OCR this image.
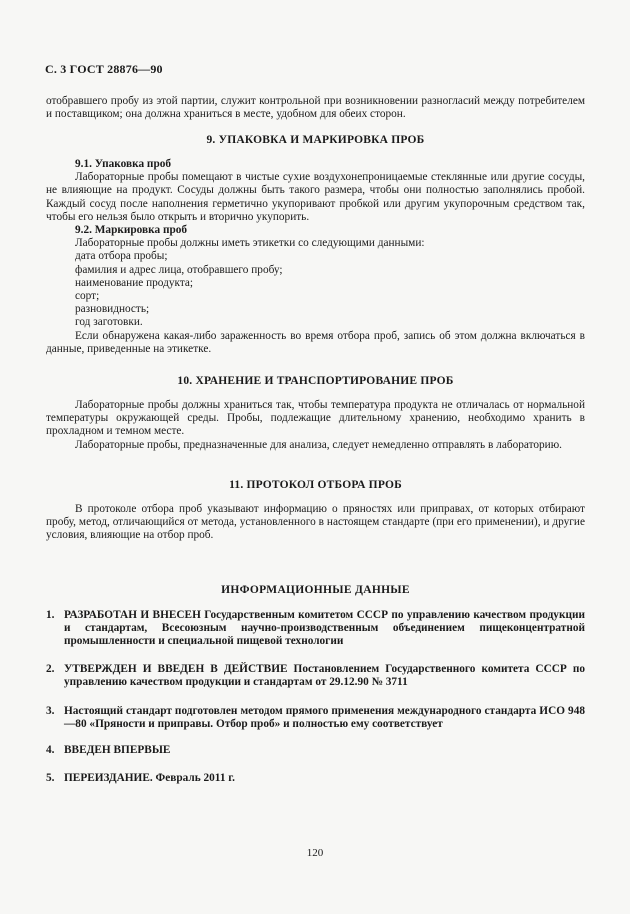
С. 3 ГОСТ 28876—90

отобравшего пробу из этой партии, служит контрольной при возникновении разногласий между потребителем и поставщиком; она должна храниться в месте, удобном для обеих сторон.

9. УПАКОВКА И МАРКИРОВКА ПРОБ
9.1. Упаковка проб

Лабораторные пробы помещают в чистые сухие воздухонепроницаемые стеклянные или другие сосуды, не влияющие на продукт. Сосуды должны быть такого размера, чтобы они полностью заполнялись пробой. Каждый сосуд после наполнения герметично укупоривают пробкой или другим укупорочным средством так, чтобы его нельзя было открыть и вторично укупорить.

9.2. Маркировка проб

Лабораторные пробы должны иметь этикетки со следующими данными:

дата отбора пробы;
фамилия и адрес лица, отобравшего пробу;
наименование продукта;
сорт;
разновидность;
год заготовки.

Если обнаружена какая-либо зараженность во время отбора проб, запись об этом должна включаться в данные, приведенные на этикетке.

10. ХРАНЕНИЕ И ТРАНСПОРТИРОВАНИЕ ПРОБ

Лабораторные пробы должны храниться так, чтобы температура продукта не отличалась от нормальной температуры окружающей среды. Пробы, подлежащие длительному хранению, необходимо хранить в прохладном и темном месте.

Лабораторные пробы, предназначенные для анализа, следует немедленно отправлять в лабораторию.

11. ПРОТОКОЛ ОТБОРА ПРОБ

В протоколе отбора проб указывают информацию о пряностях или приправах, от которых отбирают пробу, метод, отличающийся от метода, установленного в настоящем стандарте (при его применении), и другие условия, влияющие на отбор проб.

ИНФОРМАЦИОННЫЕ ДАННЫЕ
1. РАЗРАБОТАН И ВНЕСЕН Государственным комитетом СССР по управлению качеством продукции и стандартам, Всесоюзным научно-производственным объединением пищеконцентратной промышленности и специальной пищевой технологии
2. УТВЕРЖДЕН И ВВЕДЕН В ДЕЙСТВИЕ Постановлением Государственного комитета СССР по управлению качеством продукции и стандартам от 29.12.90 № 3711
3. Настоящий стандарт подготовлен методом прямого применения международного стандарта ИСО 948—80 «Пряности и приправы. Отбор проб» и полностью ему соответствует
4. ВВЕДЕН ВПЕРВЫЕ
5. ПЕРЕИЗДАНИЕ. Февраль 2011 г.
120
